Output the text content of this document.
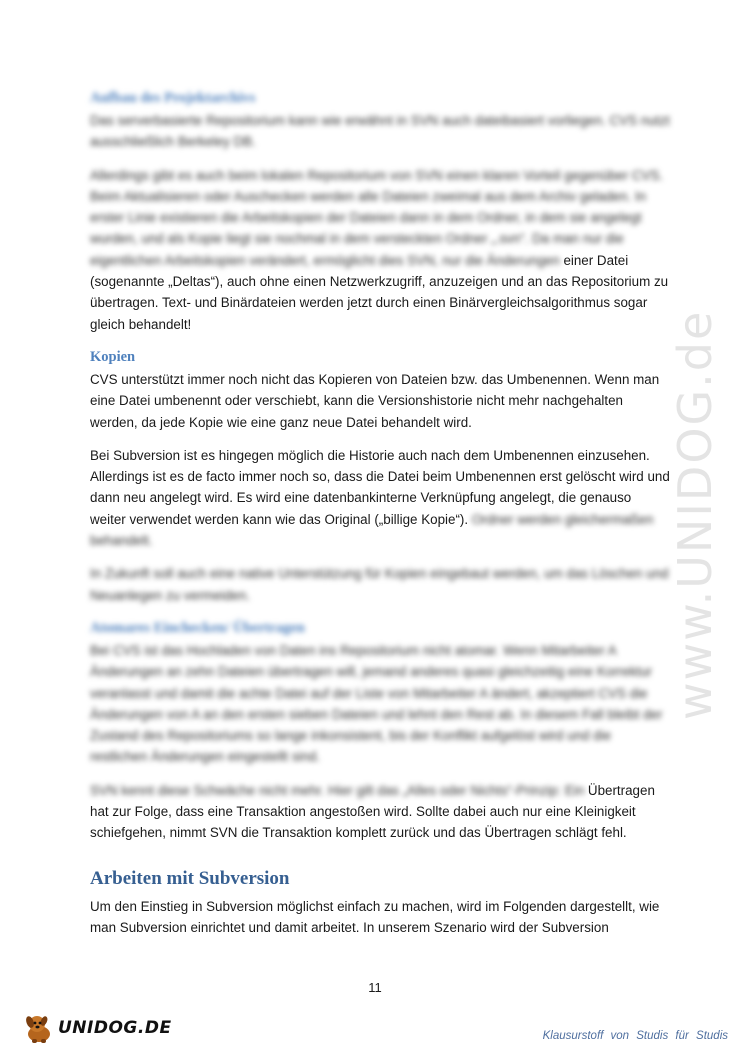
Aufbau des Projektarchivs

Das serverbasierte Repositorium kann wie erwähnt in SVN auch dateibasiert vorliegen. CVS nutzt ausschließlich Berkeley DB.

Allerdings gibt es auch beim lokalen Repositorium von SVN einen klaren Vorteil gegenüber CVS. Beim Aktualisieren oder Auschecken werden alle Dateien zweimal aus dem Archiv geladen. In erster Linie existieren die Arbeitskopien der Dateien dann in dem Ordner, in dem sie angelegt wurden, und als Kopie liegt sie nochmal in dem versteckten Ordner „.svn“. Da man nur die eigentlichen Arbeitskopien verändert, ermöglicht dies SVN, nur die Änderungen einer Datei (sogenannte „Deltas“), auch ohne einen Netzwerkzugriff, anzuzeigen und an das Repositorium zu übertragen. Text- und Binärdateien werden jetzt durch einen Binärvergleichsalgorithmus sogar gleich behandelt!

Kopien

CVS unterstützt immer noch nicht das Kopieren von Dateien bzw. das Umbenennen. Wenn man eine Datei umbenennt oder verschiebt, kann die Versionshistorie nicht mehr nachgehalten werden, da jede Kopie wie eine ganz neue Datei behandelt wird.

Bei Subversion ist es hingegen möglich die Historie auch nach dem Umbenennen einzusehen. Allerdings ist es de facto immer noch so, dass die Datei beim Umbenennen erst gelöscht wird und dann neu angelegt wird. Es wird eine datenbankinterne Verknüpfung angelegt, die genauso weiter verwendet werden kann wie das Original („billige Kopie“). Ordner werden gleichermaßen behandelt.

In Zukunft soll auch eine native Unterstützung für Kopien eingebaut werden, um das Löschen und Neuanlegen zu vermeiden.

Atomares Einchecken/ Übertragen

Bei CVS ist das Hochladen von Daten ins Repositorium nicht atomar. Wenn Mitarbeiter A Änderungen an zehn Dateien übertragen will, jemand anderes quasi gleichzeitig eine Korrektur veranlasst und damit die achte Datei auf der Liste von Mitarbeiter A ändert, akzeptiert CVS die Änderungen von A an den ersten sieben Dateien und lehnt den Rest ab. In diesem Fall bleibt der Zustand des Repositoriums so lange inkonsistent, bis der Konflikt aufgelöst wird und die restlichen Änderungen eingestellt sind.

SVN kennt diese Schwäche nicht mehr. Hier gilt das „Alles oder Nichts“-Prinzip: Ein Übertragen hat zur Folge, dass eine Transaktion angestoßen wird. Sollte dabei auch nur eine Kleinigkeit schiefgehen, nimmt SVN die Transaktion komplett zurück und das Übertragen schlägt fehl.

Arbeiten mit Subversion

Um den Einstieg in Subversion möglichst einfach zu machen, wird im Folgenden dargestellt, wie man Subversion einrichtet und damit arbeitet. In unserem Szenario wird der Subversion

www.UNIDOG.de
11
UNIDOG.DE	Klausurstoff von Studis für Studis
